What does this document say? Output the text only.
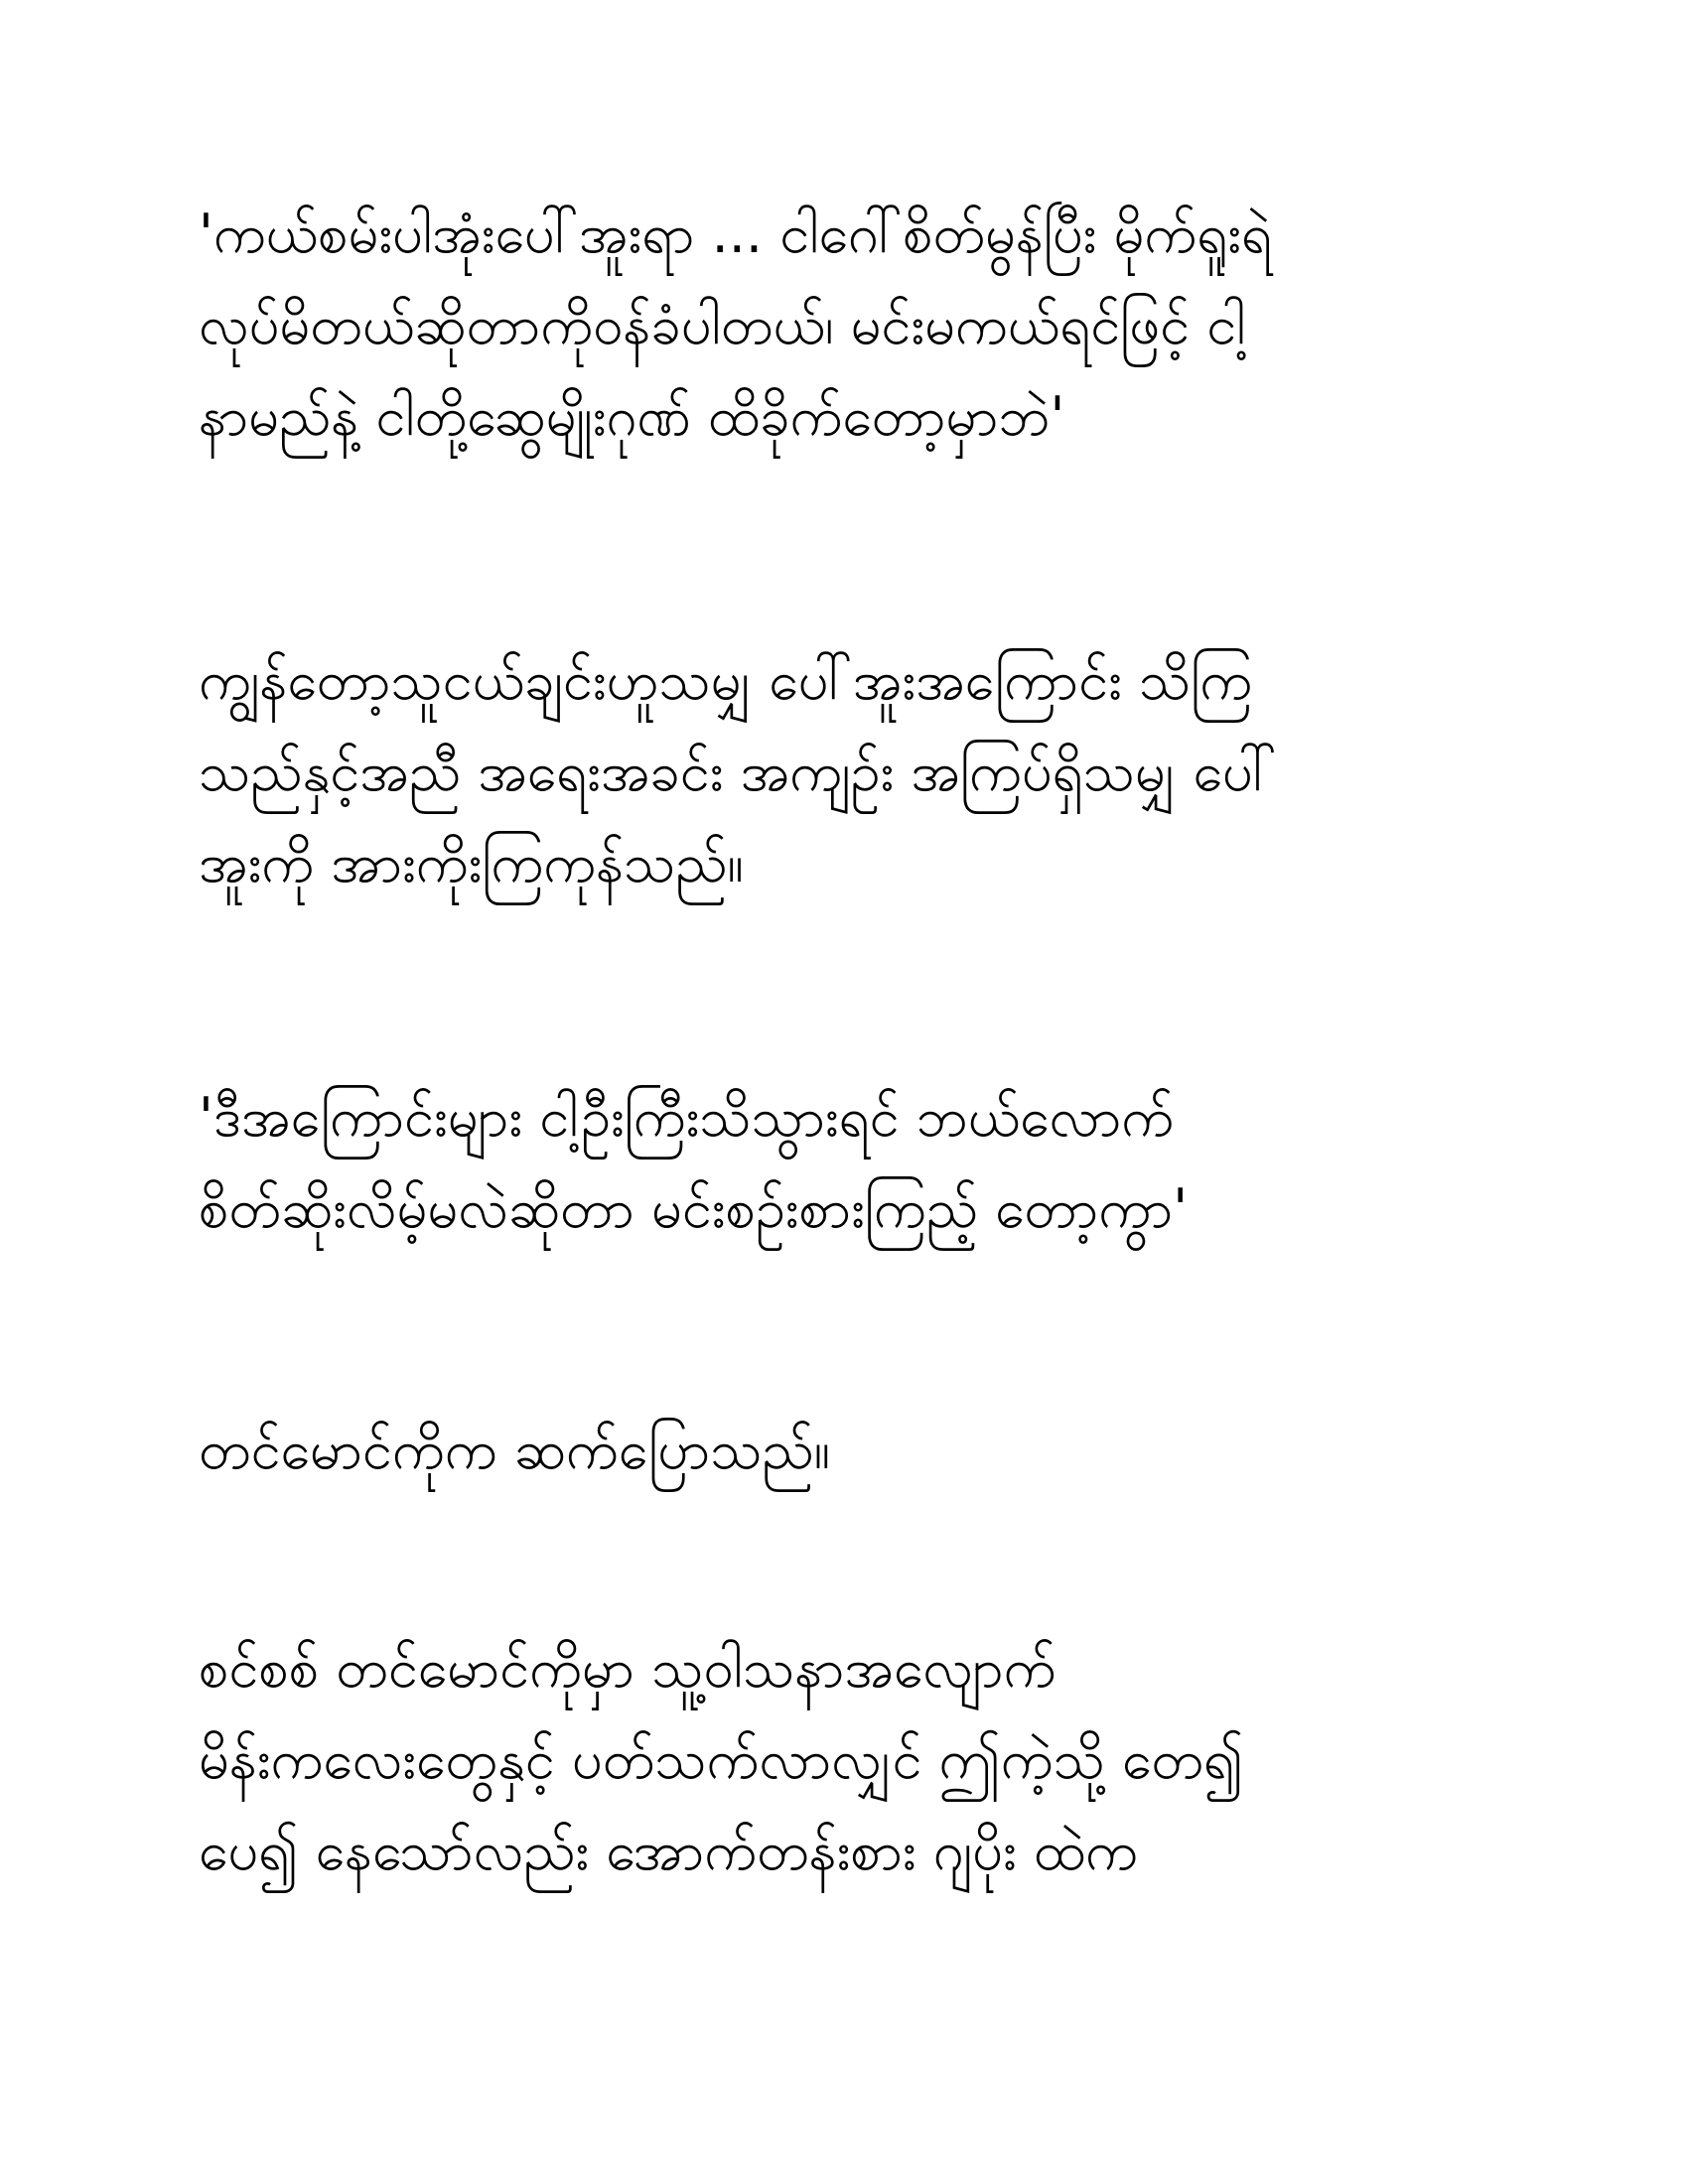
'ကယ်စမ်းပါအုံးပေါ်အူးရာ ... ငါဂေါ်စိတ်မွန်ပြီး မိုက်ရူးရဲ
လုပ်မိတယ်ဆိုတာကိုဝန်ခံပါတယ်၊ မင်းမကယ်ရင်ဖြင့် ငါ့
နာမည်နဲ့ ငါတို့ဆွေမျိုးဂုဏ် ထိခိုက်တော့မှာဘဲ'
ကျွန်တော့သူငယ်ချင်းဟူသမျှ ပေါ်အူးအကြောင်း သိကြ
သည်နှင့်အညီ အရေးအခင်း အကျဉ်း အကြပ်ရှိသမျှ ပေါ်
အူးကို အားကိုးကြကုန်သည်။
'ဒီအကြောင်းများ ငါ့ဦးကြီးသိသွားရင် ဘယ်လောက်
စိတ်ဆိုးလိမ့်မလဲဆိုတာ မင်းစဉ်းစားကြည့် တော့ကွာ'
တင်မောင်ကိုက ဆက်ပြောသည်။
စင်စစ် တင်မောင်ကိုမှာ သူ့ဝါသနာအလျောက်
မိန်းကလေးတွေနှင့် ပတ်သက်လာလျှင် ဤကဲ့သို့ တေ၍
ပေ၍ နေသော်လည်း အောက်တန်းစား ဂျပိုး ထဲက
